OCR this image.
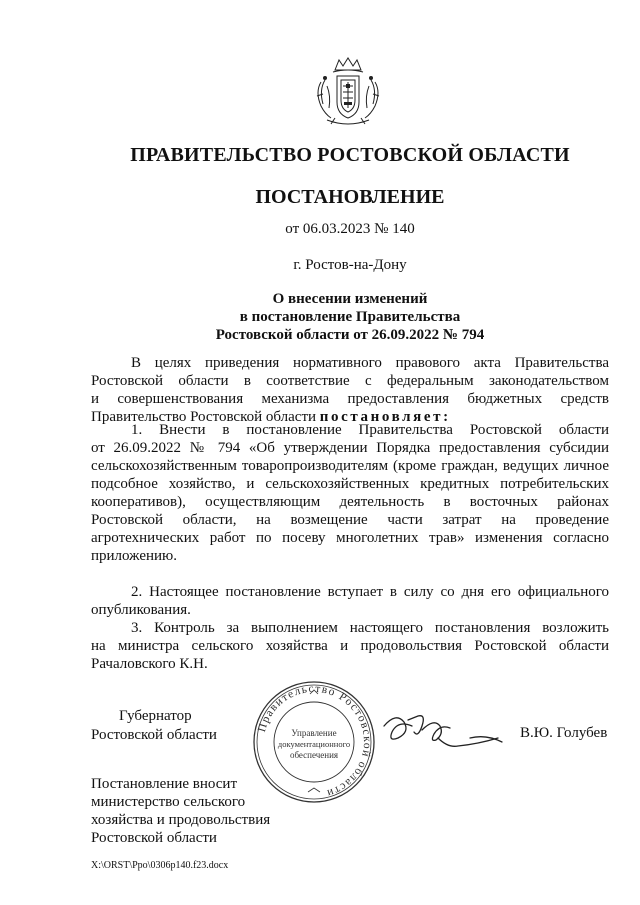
ПРАВИТЕЛЬСТВО РОСТОВСКОЙ ОБЛАСТИ
ПОСТАНОВЛЕНИЕ
от 06.03.2023 № 140
г. Ростов-на-Дону
О внесении изменений
в постановление Правительства
Ростовской области от 26.09.2022 № 794
В целях приведения нормативного правового акта Правительства
Ростовской области в соответствие с федеральным законодательством
и совершенствования механизма предоставления бюджетных средств
Правительство Ростовской области постановляет:
1. Внести в постановление Правительства Ростовской области
от 26.09.2022 № 794 «Об утверждении Порядка предоставления субсидии
сельскохозяйственным товаропроизводителям (кроме граждан, ведущих личное
подсобное хозяйство, и сельскохозяйственных кредитных потребительских
кооперативов), осуществляющим деятельность в восточных районах
Ростовской области, на возмещение части затрат на проведение
агротехнических работ по посеву многолетних трав» изменения согласно
приложению.
2. Настоящее постановление вступает в силу со дня его официального
опубликования.
3. Контроль за выполнением настоящего постановления возложить
на министра сельского хозяйства и продовольствия Ростовской области
Рачаловского К.Н.
Губернатор
Ростовской области	Правительство Ростовской области
Управление
документационного
обеспечения
В.Ю. Голубев
Постановление вносит
министерство сельского
хозяйства и продовольствия
Ростовской области
X:\ORST\Ppo\0306p140.f23.docx
